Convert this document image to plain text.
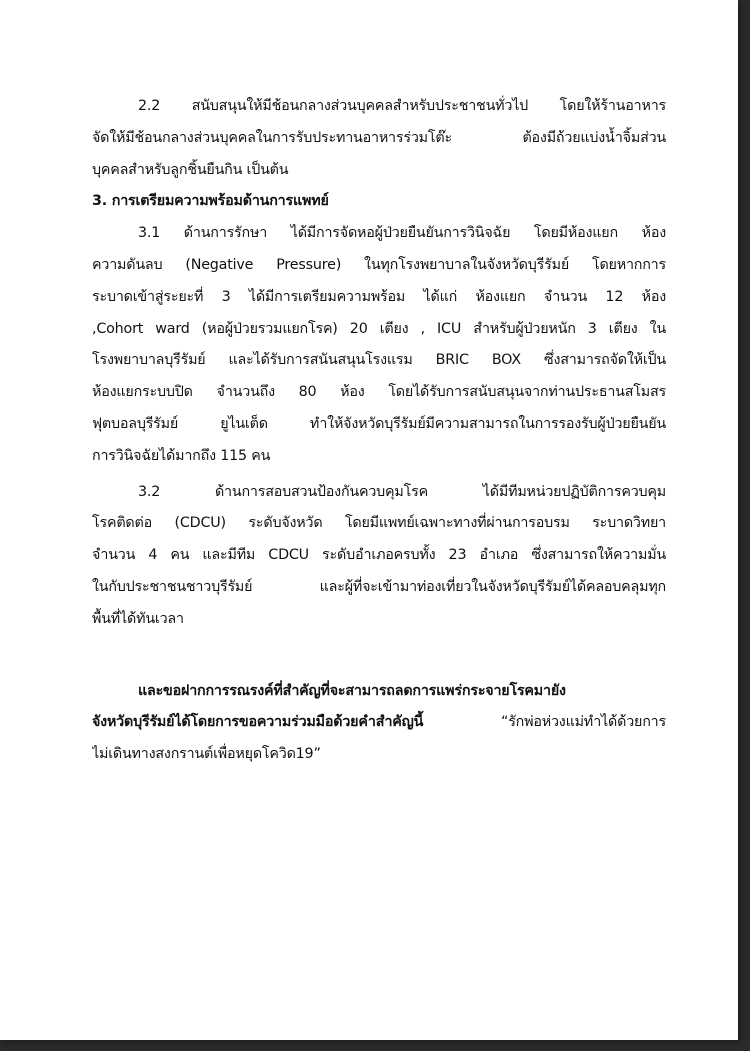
2.2 สนับสนุนให้มีช้อนกลางส่วนบุคคลสำหรับประชาชนทั่วไป โดยให้ร้านอาหาร
จัดให้มีช้อนกลางส่วนบุคคลในการรับประทานอาหารร่วมโต๊ะ ต้องมีถ้วยแบ่งน้ำจิ้มส่วน
บุคคลสำหรับลูกชิ้นยืนกิน เป็นต้น
3. การเตรียมความพร้อมด้านการแพทย์
3.1 ด้านการรักษา ได้มีการจัดหอผู้ป่วยยืนยันการวินิจฉัย โดยมีห้องแยก ห้อง
ความดันลบ (Negative Pressure) ในทุกโรงพยาบาลในจังหวัดบุรีรัมย์ โดยหากการ
ระบาดเข้าสู่ระยะที่ 3 ได้มีการเตรียมความพร้อม ได้แก่ ห้องแยก จำนวน 12 ห้อง
,Cohort ward (หอผู้ป่วยรวมแยกโรค) 20 เตียง , ICU สำหรับผู้ป่วยหนัก 3 เตียง ใน
โรงพยาบาลบุรีรัมย์ และได้รับการสนันสนุนโรงแรม BRIC BOX ซึ่งสามารถจัดให้เป็น
ห้องแยกระบบปิด จำนวนถึง 80 ห้อง โดยได้รับการสนับสนุนจากท่านประธานสโมสร
ฟุตบอลบุรีรัมย์ ยูไนเต็ด ทำให้จังหวัดบุรีรัมย์มีความสามารถในการรองรับผู้ป่วยยืนยัน
การวินิจฉัยได้มากถึง 115 คน
3.2 ด้านการสอบสวนป้องกันควบคุมโรค ได้มีทีมหน่วยปฏิบัติการควบคุม
โรคติดต่อ (CDCU) ระดับจังหวัด โดยมีแพทย์เฉพาะทางที่ผ่านการอบรม ระบาดวิทยา
จำนวน 4 คน และมีทีม CDCU ระดับอำเภอครบทั้ง 23 อำเภอ ซึ่งสามารถให้ความมั่น
ในกับประชาชนชาวบุรีรัมย์ และผู้ที่จะเข้ามาท่องเที่ยวในจังหวัดบุรีรัมย์ได้คลอบคลุมทุก
พื้นที่ได้ทันเวลา
และขอฝากการรณรงค์ที่สำคัญที่จะสามารถลดการแพร่กระจายโรคมายัง
จังหวัดบุรีรัมย์ได้โดยการขอความร่วมมือด้วยคำสำคัญนี้ “รักพ่อห่วงแม่ทำได้ด้วยการ
ไม่เดินทางสงกรานต์เพื่อหยุดโควิด19”
